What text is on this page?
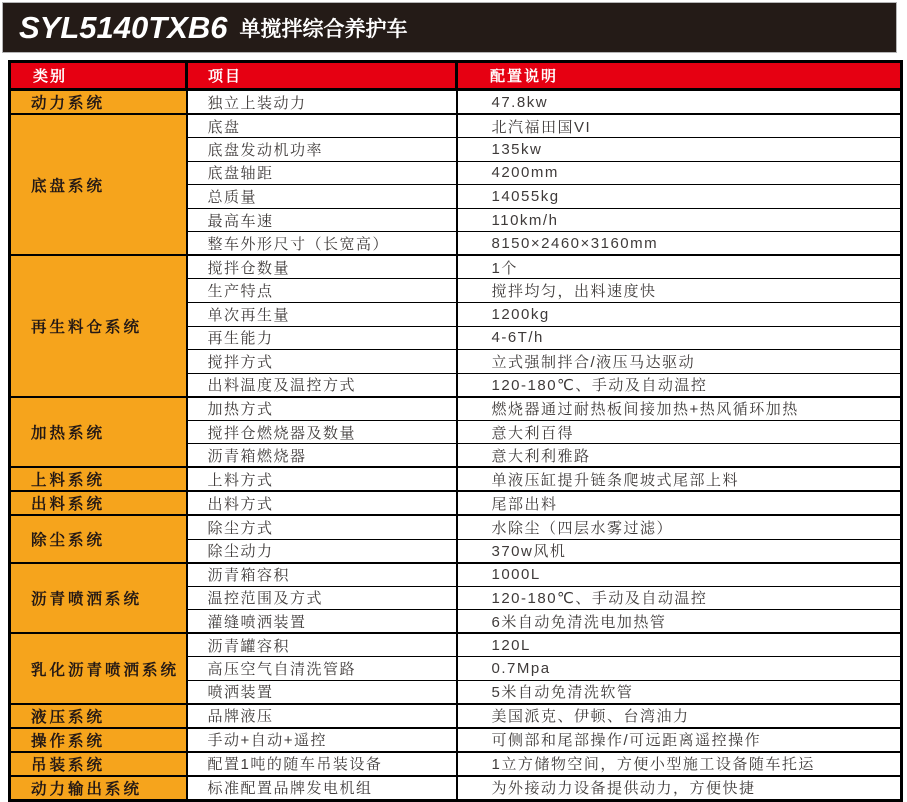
SYL5140TXB6 单搅拌综合养护车
类别	项目	配置说明
动力系统	独立上装动力	47.8kw
底盘系统	底盘	北汽福田国VI
	底盘发动机功率	135kw
	底盘轴距	4200mm
	总质量	14055kg
	最高车速	110km/h
	整车外形尺寸（长宽高）	8150×2460×3160mm
再生料仓系统	搅拌仓数量	1个
	生产特点	搅拌均匀，出料速度快
	单次再生量	1200kg
	再生能力	4-6T/h
	搅拌方式	立式强制拌合/液压马达驱动
	出料温度及温控方式	120-180℃、手动及自动温控
加热系统	加热方式	燃烧器通过耐热板间接加热+热风循环加热
	搅拌仓燃烧器及数量	意大利百得
	沥青箱燃烧器	意大利利雅路
上料系统	上料方式	单液压缸提升链条爬坡式尾部上料
出料系统	出料方式	尾部出料
除尘系统	除尘方式	水除尘（四层水雾过滤）
	除尘动力	370w风机
沥青喷洒系统	沥青箱容积	1000L
	温控范围及方式	120-180℃、手动及自动温控
	灌缝喷洒装置	6米自动免清洗电加热管
乳化沥青喷洒系统	沥青罐容积	120L
	高压空气自清洗管路	0.7Mpa
	喷洒装置	5米自动免清洗软管
液压系统	品牌液压	美国派克、伊顿、台湾油力
操作系统	手动+自动+遥控	可侧部和尾部操作/可远距离遥控操作
吊装系统	配置1吨的随车吊装设备	1立方储物空间，方便小型施工设备随车托运
动力输出系统	标准配置品牌发电机组	为外接动力设备提供动力，方便快捷
